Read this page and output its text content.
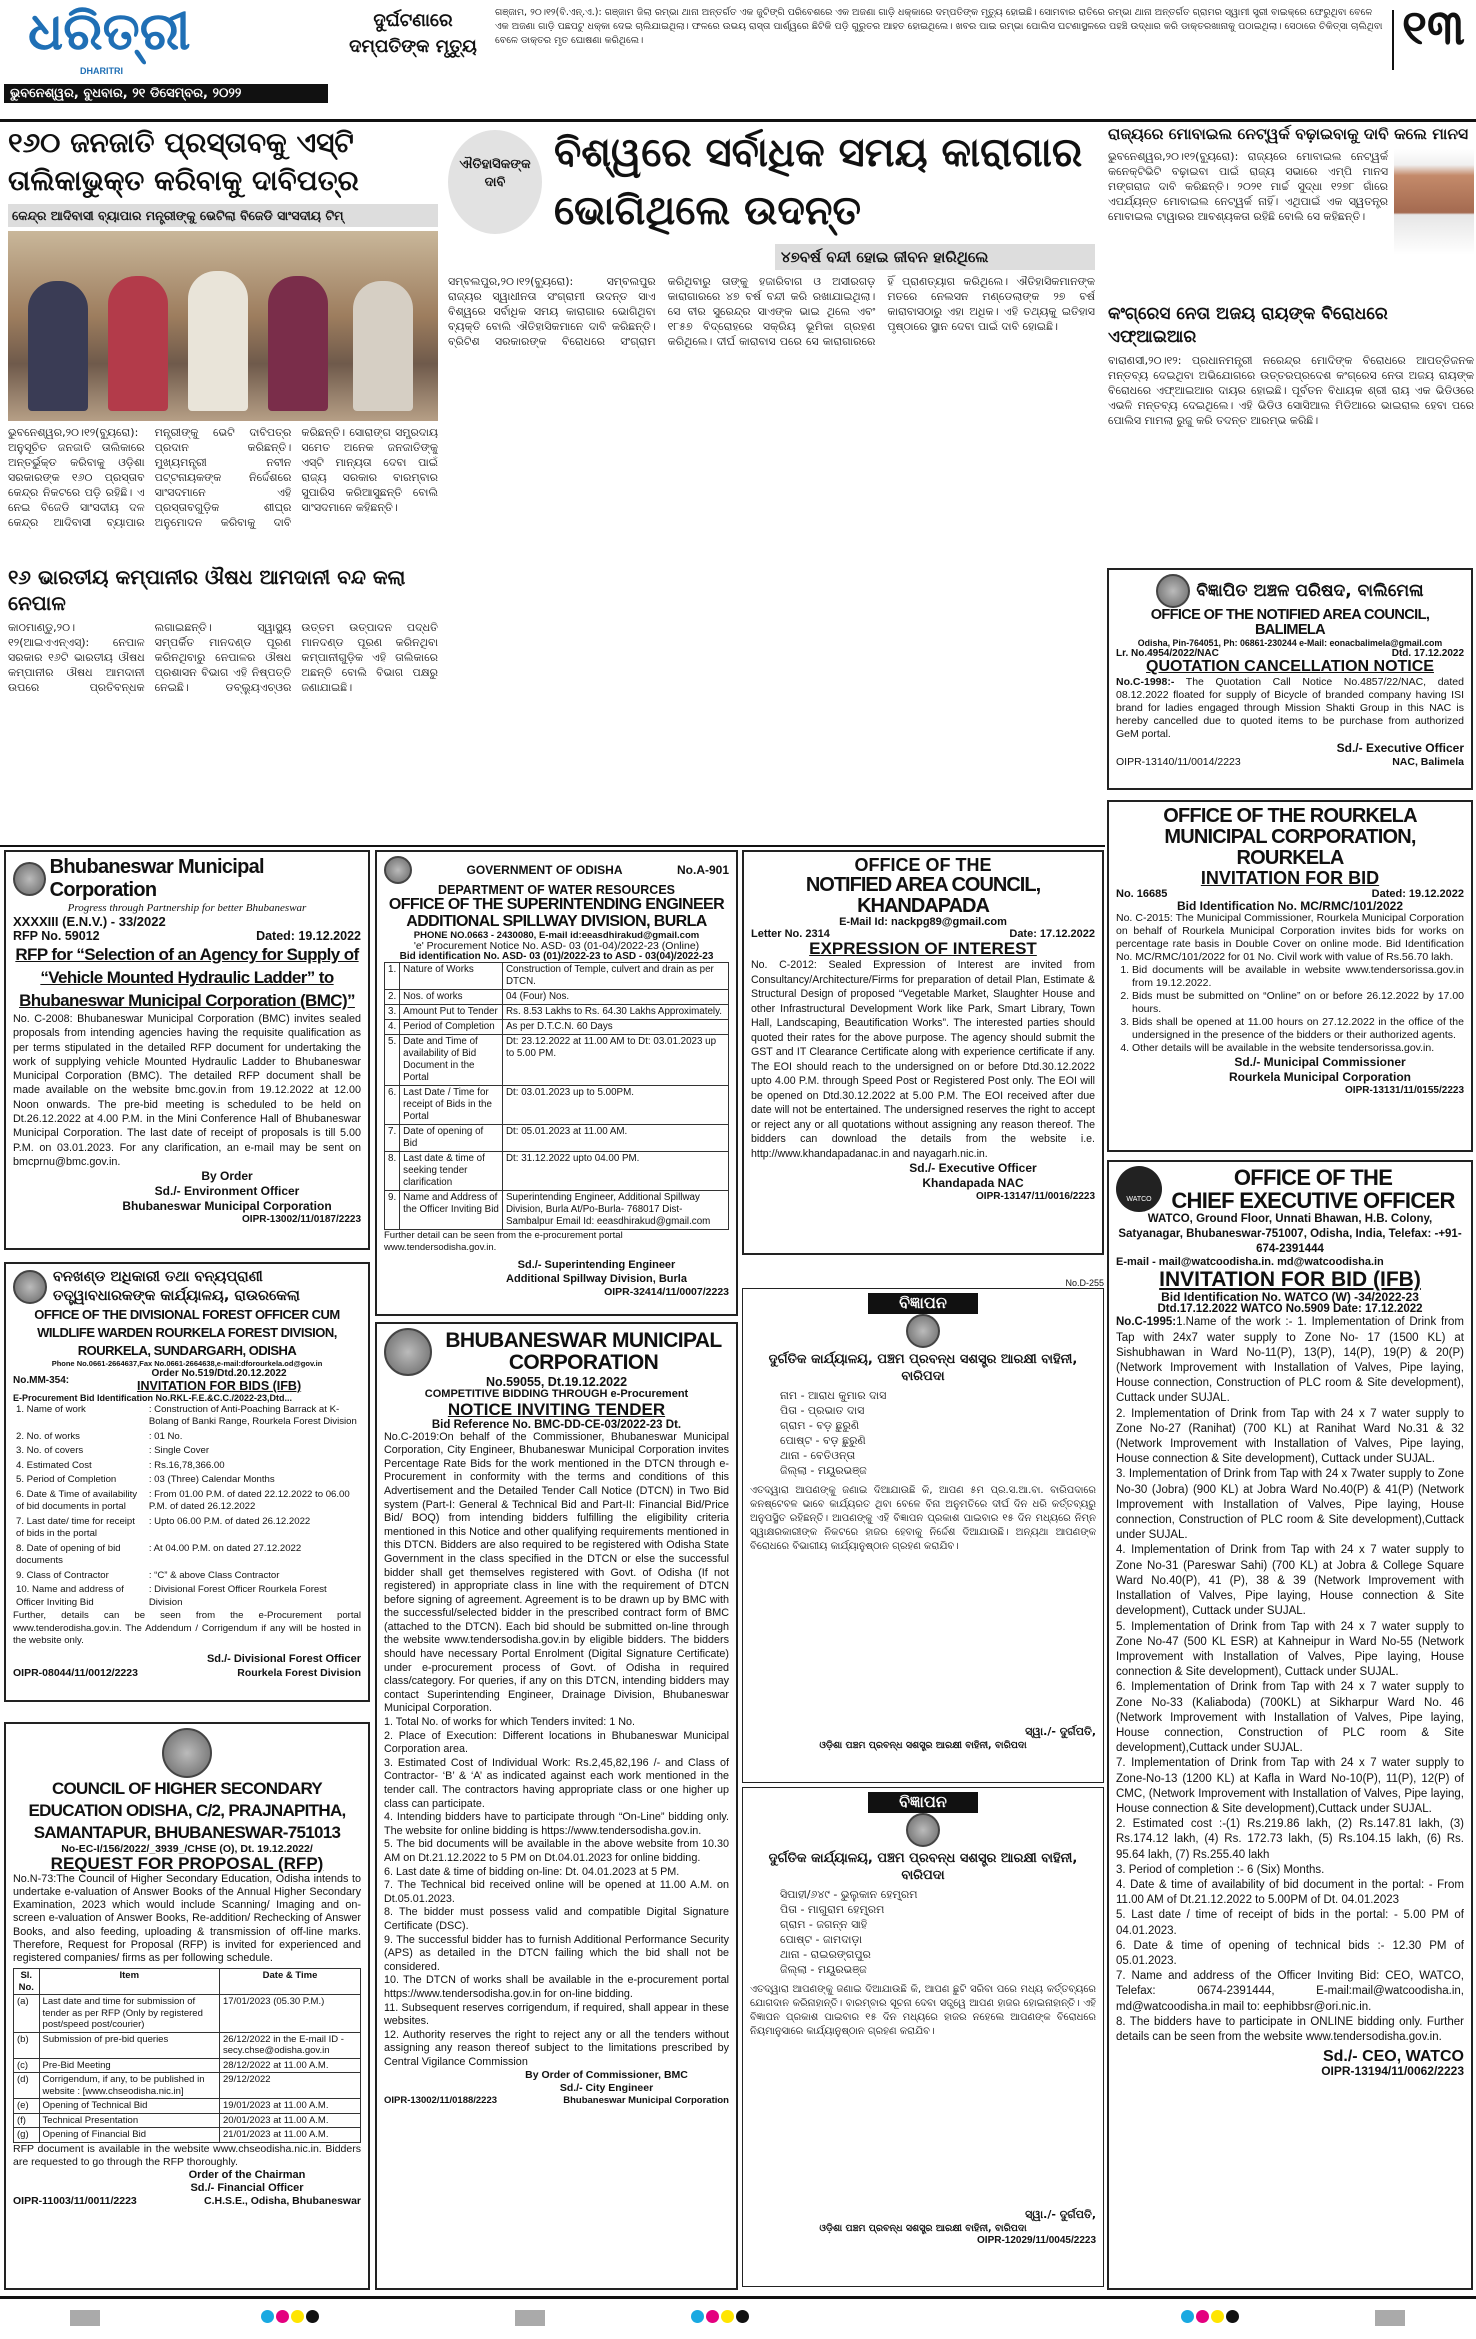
ଧରିତ୍ରୀ
DHARITRI
ଭୁବନେଶ୍ୱର, ବୁଧବାର, ୨୧ ଡିସେମ୍ବର, ୨୦୨୨
ଦୁର୍ଘଟଣାରେ
ଦମ୍ପତିଙ୍କ ମୃତ୍ୟୁ
ଗଞ୍ଜାମ, ୨୦।୧୨(ବି.ଏନ୍.ଏ.): ଗଞ୍ଜାମ ଜିଲା ରମ୍ଭା ଥାନା ଅନ୍ତର୍ଗତ ଏକ ଜୁଟିଙ୍ଗି ପରିବେଶରେ ଏକ ଅଜଣା ଗାଡ଼ି ଧକ୍କାରେ ଦମ୍ପତିଙ୍କ ମୃତ୍ୟୁ ହୋଇଛି। ସୋମବାର ରାତିରେ ରମ୍ଭା ଥାନା ଅନ୍ତର୍ଗତ ଗ୍ରାମର ସ୍ୱାମୀ ସ୍ତ୍ରୀ ବାଇକ୍‌ରେ ଫେରୁଥିବା ବେଳେ ଏକ ଅଜଣା ଗାଡ଼ି ପଛପଟୁ ଧକ୍କା ଦେଇ ଚାଲିଯାଇଥିଲା। ଫଳରେ ଉଭୟ ରାସ୍ତା ପାର୍ଶ୍ୱରେ ଛିଟିକି ପଡ଼ି ଗୁରୁତର ଆହତ ହୋଇଥିଲେ। ଖବର ପାଇ ରମ୍ଭା ପୋଲିସ ଘଟଣାସ୍ଥଳରେ ପହଞ୍ଚି ଉଦ୍ଧାର କରି ଡାକ୍ତରଖାନାକୁ ପଠାଇଥିଲା। ସେଠାରେ ଚିକିତ୍ସା ଚାଲିଥିବା ବେଳେ ଡାକ୍ତର ମୃତ ଘୋଷଣା କରିଥିଲେ।	୧୩
୧୬୦ ଜନଜାତି ପ୍ରସ୍ତାବକୁ ଏସ୍‌ଟି ତାଲିକାଭୁକ୍ତ କରିବାକୁ ଦାବିପତ୍ର
କେନ୍ଦ୍ର ଆଦିବାସୀ ବ୍ୟାପାର ମନ୍ତ୍ରୀଙ୍କୁ ଭେଟିଲା ବିଜେଡି ସାଂସଦୀୟ ଟିମ୍
ଭୁବନେଶ୍ୱର,୨୦।୧୨(ବ୍ୟୁରୋ): ଅନୁସୂଚିତ ଜନଜାତି ତାଲିକାରେ ଅନ୍ତର୍ଭୁକ୍ତ କରିବାକୁ ଓଡ଼ିଶା ସରକାରଙ୍କ ୧୬୦ ପ୍ରସ୍ତାବ କେନ୍ଦ୍ର ନିକଟରେ ପଡ଼ି ରହିଛି। ଏ ନେଇ ବିଜେଡି ସାଂସଦୀୟ ଦଳ କେନ୍ଦ୍ର ଆଦିବାସୀ ବ୍ୟାପାର ମନ୍ତ୍ରୀଙ୍କୁ ଭେଟି ଦାବିପତ୍ର ପ୍ରଦାନ କରିଛନ୍ତି। ମୁଖ୍ୟମନ୍ତ୍ରୀ ନବୀନ ପଟ୍ଟନାୟକଙ୍କ ନିର୍ଦ୍ଦେଶରେ ସାଂସଦମାନେ ଏହି ପ୍ରସ୍ତାବଗୁଡ଼ିକ ଶୀଘ୍ର ଅନୁମୋଦନ କରିବାକୁ ଦାବି କରିଛନ୍ତି। ସୋରାଙ୍ଗ ସମ୍ପ୍ରଦାୟ ସମେତ ଅନେକ ଜନଜାତିଙ୍କୁ ଏସ୍‌ଟି ମାନ୍ୟତା ଦେବା ପାଇଁ ରାଜ୍ୟ ସରକାର ବାରମ୍ବାର ସୁପାରିସ କରିଆସୁଛନ୍ତି ବୋଲି ସାଂସଦମାନେ କହିଛନ୍ତି।
୧୬ ଭାରତୀୟ କମ୍ପାନୀର ଔଷଧ ଆମଦାନୀ ବନ୍ଦ କଲା ନେପାଳ
କାଠମାଣ୍ଡୁ,୨୦।୧୨(ଆଇଏଏନ୍‌ଏସ୍): ନେପାଳ ସରକାର ୧୬ଟି ଭାରତୀୟ ଔଷଧ କମ୍ପାନୀର ଔଷଧ ଆମଦାନୀ ଉପରେ ପ୍ରତିବନ୍ଧକ ଲଗାଇଛନ୍ତି। ସ୍ୱାସ୍ଥ୍ୟ ସମ୍ପର୍କିତ ମାନଦଣ୍ଡ ପୂରଣ କରିନଥିବାରୁ ନେପାଳର ଔଷଧ ପ୍ରଶାସନ ବିଭାଗ ଏହି ନିଷ୍ପତ୍ତି ନେଇଛି। ଡବ୍ଲ୍ୟୁଏଚ୍‌ଓର ଉତ୍ତମ ଉତ୍ପାଦନ ପଦ୍ଧତି ମାନଦଣ୍ଡ ପୂରଣ କରିନଥିବା କମ୍ପାନୀଗୁଡ଼ିକ ଏହି ତାଲିକାରେ ଅଛନ୍ତି ବୋଲି ବିଭାଗ ପକ୍ଷରୁ ଜଣାଯାଇଛି।
ଐତିହାସିକଙ୍କ ଦାବି
ବିଶ୍ୱରେ ସର୍ବାଧିକ ସମୟ କାରାଗାର ଭୋଗିଥିଲେ ଉଦନ୍ତ
୪୭ବର୍ଷ ବନ୍ଦୀ ହୋଇ ଜୀବନ ହାରିଥିଲେ
ସମ୍ବଲପୁର,୨୦।୧୨(ବ୍ୟୁରୋ): ସମ୍ବଲପୁର ରାଜ୍ୟର ସ୍ୱାଧୀନତା ସଂଗ୍ରାମୀ ଉଦନ୍ତ ସାଏ ବିଶ୍ୱରେ ସର୍ବାଧିକ ସମୟ କାରାଗାର ଭୋଗିଥିବା ବ୍ୟକ୍ତି ବୋଲି ଐତିହାସିକମାନେ ଦାବି କରିଛନ୍ତି। ବ୍ରିଟିଶ ସରକାରଙ୍କ ବିରୋଧରେ ସଂଗ୍ରାମ କରିଥିବାରୁ ତାଙ୍କୁ ହଜାରିବାଗ ଓ ଅସୀରଗଡ଼ କାରାଗାରରେ ୪୭ ବର୍ଷ ବନ୍ଦୀ କରି ରଖାଯାଇଥିଲା। ସେ ବୀର ସୁରେନ୍ଦ୍ର ସାଏଙ୍କ ଭାଇ ଥିଲେ ଏବଂ ୧୮୫୭ ବିଦ୍ରୋହରେ ସକ୍ରିୟ ଭୂମିକା ଗ୍ରହଣ କରିଥିଲେ। ଦୀର୍ଘ କାରାବାସ ପରେ ସେ କାରାଗାରରେ ହିଁ ପ୍ରାଣତ୍ୟାଗ କରିଥିଲେ। ଐତିହାସିକମାନଙ୍କ ମତରେ ନେଲସନ ମଣ୍ଡେଲାଙ୍କ ୨୭ ବର୍ଷ କାରାବାସଠାରୁ ଏହା ଅଧିକ। ଏହି ତଥ୍ୟକୁ ଇତିହାସ ପୃଷ୍ଠାରେ ସ୍ଥାନ ଦେବା ପାଇଁ ଦାବି ହୋଇଛି।
ରାଜ୍ୟରେ ମୋବାଇଲ ନେଟ୍‌ୱର୍କ ବଢ଼ାଇବାକୁ ଦାବି କଲେ ମାନସ
ଭୁବନେଶ୍ୱର,୨୦।୧୨(ବ୍ୟୁରୋ): ରାଜ୍ୟରେ ମୋବାଇଲ ନେଟ୍‌ୱର୍କ କନେକ୍ଟିଭିଟି ବଢ଼ାଇବା ପାଇଁ ରାଜ୍ୟ ସଭାରେ ଏମ୍‌ପି ମାନସ ମଙ୍ଗରାଜ ଦାବି କରିଛନ୍ତି। ୨୦୨୧ ମାର୍ଚ୍ଚ ସୁଦ୍ଧା ୧୨୭୮ ଗାଁରେ ଏପର୍ଯ୍ୟନ୍ତ ମୋବାଇଲ ନେଟ୍‌ୱର୍କ ନାହିଁ। ଏଥିପାଇଁ ଏକ ସ୍ୱତନ୍ତ୍ର ମୋବାଇଲ ଟାୱାରର ଆବଶ୍ୟକତା ରହିଛି ବୋଲି ସେ କହିଛନ୍ତି।
କଂଗ୍ରେସ ନେତା ଅଜୟ ରାୟଙ୍କ ବିରୋଧରେ ଏଫ୍‌ଆଇଆର
ବାରାଣସୀ,୨୦।୧୨: ପ୍ରଧାନମନ୍ତ୍ରୀ ନରେନ୍ଦ୍ର ମୋଦିଙ୍କ ବିରୋଧରେ ଆପତ୍ତିଜନକ ମନ୍ତବ୍ୟ ଦେଇଥିବା ଅଭିଯୋଗରେ ଉତ୍ତରପ୍ରଦେଶ କଂଗ୍ରେସ ନେତା ଅଜୟ ରାୟଙ୍କ ବିରୋଧରେ ଏଫ୍‌ଆଇଆର ଦାୟର ହୋଇଛି। ପୂର୍ବତନ ବିଧାୟକ ଶ୍ରୀ ରାୟ ଏକ ଭିଡିଓରେ ଏଭଳି ମନ୍ତବ୍ୟ ଦେଇଥିଲେ। ଏହି ଭିଡିଓ ସୋସିଆଲ ମିଡିଆରେ ଭାଇରାଲ ହେବା ପରେ ପୋଲିସ ମାମଲା ରୁଜୁ କରି ତଦନ୍ତ ଆରମ୍ଭ କରିଛି।
ବିଜ୍ଞାପିତ ଅଞ୍ଚଳ ପରିଷଦ, ବାଲିମେଳା
OFFICE OF THE NOTIFIED AREA COUNCIL, BALIMELA
Odisha, Pin-764051, Ph: 06861-230244 e-Mail: eonacbalimela@gmail.com
Lr. No.4954/2022/NAC	Dtd. 17.12.2022
QUOTATION CANCELLATION NOTICE
No.C-1998:- The Quotation Call Notice No.4857/22/NAC, dated 08.12.2022 floated for supply of Bicycle of branded company having ISI brand for ladies engaged through Mission Shakti Group in this NAC is hereby cancelled due to quoted items to be purchase from authorized GeM portal.
Sd./- Executive Officer
OIPR-13140/11/0014/2223	NAC, Balimela
OFFICE OF THE ROURKELA MUNICIPAL CORPORATION, ROURKELA
INVITATION FOR BID
No. 16685	Dated: 19.12.2022
Bid Identification No. MC/RMC/101/2022
No. C-2015: The Municipal Commissioner, Rourkela Municipal Corporation on behalf of Rourkela Municipal Corporation invites bids for works on percentage rate basis in Double Cover on online mode. Bid Identification No. MC/RMC/101/2022 for 01 No. Civil work with value of Rs.56.70 lakh.
1. Bid documents will be available in website www.tendersorissa.gov.in from 19.12.2022.
2. Bids must be submitted on “Online” on or before 26.12.2022 by 17.00 hours.
3. Bids shall be opened at 11.00 hours on 27.12.2022 in the office of the undersigned in the presence of the bidders or their authorized agents.
4. Other details will be available in the website tendersorissa.gov.in.
Sd./- Municipal Commissioner
Rourkela Municipal Corporation
OIPR-13131/11/0155/2223
WATCO
OFFICE OF THE
CHIEF EXECUTIVE OFFICER
WATCO, Ground Floor, Unnati Bhawan, H.B. Colony, Satyanagar, Bhubaneswar-751007, Odisha, India, Telefax: -+91-674-2391444
E-mail - mail@watcoodisha.in. md@watcoodisha.in
INVITATION FOR BID (IFB)
Bid Identification No. WATCO (W) -34/2022-23
Dtd.17.12.2022 WATCO No.5909 Date: 17.12.2022
No.C-1995:1.Name of the work :- 1. Implementation of Drink from Tap with 24x7 water supply to Zone No- 17 (1500 KL) at Sishubhawan in Ward No-11(P), 13(P), 14(P), 19(P) & 20(P) (Network Improvement with Installation of Valves, Pipe laying, House connection, Construction of PLC room & Site development), Cuttack under SUJAL.
2. Implementation of Drink from Tap with 24 x 7 water supply to Zone No-27 (Ranihat) (700 KL) at Ranihat Ward No.31 & 32 (Network Improvement with Installation of Valves, Pipe laying, House connection & Site development), Cuttack under SUJAL.
3. Implementation of Drink from Tap with 24 x 7water supply to Zone No-30 (Jobra) (900 KL) at Jobra Ward No.40(P) & 41(P) (Network Improvement with Installation of Valves, Pipe laying, House connection, Construction of PLC room & Site development),Cuttack under SUJAL.
4. Implementation of Drink from Tap with 24 x 7 water supply to Zone No-31 (Pareswar Sahi) (700 KL) at Jobra & College Square Ward No.40(P), 41 (P), 38 & 39 (Network Improvement with Installation of Valves, Pipe laying, House connection & Site development), Cuttack under SUJAL.
5. Implementation of Drink from Tap with 24 x 7 water supply to Zone No-47 (500 KL ESR) at Kahneipur in Ward No-55 (Network Improvement with Installation of Valves, Pipe laying, House connection & Site development), Cuttack under SUJAL.
6. Implementation of Drink from Tap with 24 x 7 water supply to Zone No-33 (Kaliaboda) (700KL) at Sikharpur Ward No. 46 (Network Improvement with Installation of Valves, Pipe laying, House connection, Construction of PLC room & Site development),Cuttack under SUJAL.
7. Implementation of Drink from Tap with 24 x 7 water supply to Zone-No-13 (1200 KL) at Kafla in Ward No-10(P), 11(P), 12(P) of CMC, (Network Improvement with Installation of Valves, Pipe laying, House connection & Site development),Cuttack under SUJAL.
2. Estimated cost :-(1) Rs.219.86 lakh, (2) Rs.147.81 lakh, (3) Rs.174.12 lakh, (4) Rs. 172.73 lakh, (5) Rs.104.15 lakh, (6) Rs. 95.64 lakh, (7) Rs.255.40 lakh
3. Period of completion :- 6 (Six) Months.
4. Date & time of availability of bid document in the portal: - From 11.00 AM of Dt.21.12.2022 to 5.00PM of Dt. 04.01.2023
5. Last date / time of receipt of bids in the portal: - 5.00 PM of 04.01.2023.
6. Date & time of opening of technical bids :- 12.30 PM of 05.01.2023.
7. Name and address of the Officer Inviting Bid: CEO, WATCO, Telefax: 0674-2391444, E-mail:mail@watcoodisha.in, md@watcoodisha.in mail to: eephibbsr@ori.nic.in.
8. The bidders have to participate in ONLINE bidding only. Further details can be seen from the website www.tendersodisha.gov.in.
Sd./- CEO, WATCO
OIPR-13194/11/0062/2223
Bhubaneswar Municipal Corporation
Progress through Partnership for better Bhubaneswar
XXXXIII (E.N.V.) - 33/2022
RFP No. 59012	Dated: 19.12.2022
RFP for “Selection of an Agency for Supply of “Vehicle Mounted Hydraulic Ladder” to Bhubaneswar Municipal Corporation (BMC)”
No. C-2008: Bhubaneswar Municipal Corporation (BMC) invites sealed proposals from intending agencies having the requisite qualification as per terms stipulated in the detailed RFP document for undertaking the work of supplying vehicle Mounted Hydraulic Ladder to Bhubaneswar Municipal Corporation (BMC). The detailed RFP document shall be made available on the website bmc.gov.in from 19.12.2022 at 12.00 Noon onwards. The pre-bid meeting is scheduled to be held on Dt.26.12.2022 at 4.00 P.M. in the Mini Conference Hall of Bhubaneswar Municipal Corporation. The last date of receipt of proposals is till 5.00 P.M. on 03.01.2023. For any clarification, an e-mail may be sent on bmcprnu@bmc.gov.in.
By Order
Sd./- Environment Officer
Bhubaneswar Municipal Corporation
OIPR-13002/11/0187/2223
GOVERNMENT OF ODISHA	No.A-901
DEPARTMENT OF WATER RESOURCES
OFFICE OF THE SUPERINTENDING ENGINEER ADDITIONAL SPILLWAY DIVISION, BURLA
PHONE NO.0663 - 2430080, E-mail id:eeasdhirakud@gmail.com
'e' Procurement Notice No. ASD- 03 (01-04)/2022-23 (Online)
Bid identification No. ASD- 03 (01)/2022-23 to ASD - 03(04)/2022-23
1.	Nature of Works	Construction of Temple, culvert and drain as per DTCN.
2.	Nos. of works	04 (Four) Nos.
3.	Amount Put to Tender	Rs. 8.53 Lakhs to Rs. 64.30 Lakhs Approximately.
4.	Period of Completion	As per D.T.C.N. 60 Days
5.	Date and Time of availability of Bid Document in the Portal	Dt: 23.12.2022 at 11.00 AM to Dt: 03.01.2023 up to 5.00 PM.
6.	Last Date / Time for receipt of Bids in the Portal	Dt: 03.01.2023 up to 5.00PM.
7.	Date of opening of Bid	Dt: 05.01.2023 at 11.00 AM.
8.	Last date & time of seeking tender clarification	Dt: 31.12.2022 upto 04.00 PM.
9.	Name and Address of the Officer Inviting Bid	Superintending Engineer, Additional Spillway Division, Burla At/Po-Burla- 768017 Dist-Sambalpur Email Id: eeasdhirakud@gmail.com
Further detail can be seen from the e-procurement portal www.tendersodisha.gov.in.
Sd./- Superintending Engineer
Additional Spillway Division, Burla
OIPR-32414/11/0007/2223
OFFICE OF THE
NOTIFIED AREA COUNCIL, KHANDAPADA
E-Mail Id: nackpg89@gmail.com
Letter No. 2314	Date: 17.12.2022
EXPRESSION OF INTEREST
No. C-2012: Sealed Expression of Interest are invited from Consultancy/Architecture/Firms for preparation of detail Plan, Estimate & Structural Design of proposed “Vegetable Market, Slaughter House and other Infrastructural Development Work like Park, Smart Library, Town Hall, Landscaping, Beautification Works”. The interested parties should quoted their rates for the above purpose. The agency should submit the GST and IT Clearance Certificate along with experience certificate if any. The EOI should reach to the undersigned on or before Dtd.30.12.2022 upto 4.00 P.M. through Speed Post or Registered Post only. The EOI will be opened on Dtd.30.12.2022 at 5.00 P.M. The EOI received after due date will not be entertained. The undersigned reserves the right to accept or reject any or all quotations without assigning any reason thereof. The bidders can download the details from the website i.e. http://www.khandapadanac.in and nayagarh.nic.in.
Sd./- Executive Officer
Khandapada NAC
OIPR-13147/11/0016/2223
ବନଖଣ୍ଡ ଅଧିକାରୀ ତଥା ବନ୍ୟପ୍ରାଣୀ ତତ୍ତ୍ୱାବଧାରକଙ୍କ କାର୍ଯ୍ୟାଳୟ, ରାଉରକେଲା
OFFICE OF THE DIVISIONAL FOREST OFFICER CUM WILDLIFE WARDEN ROURKELA FOREST DIVISION, ROURKELA, SUNDARGARH, ODISHA
Phone No.0661-2664637,Fax No.0661-2664638,e-mail:dforourkela.od@gov.in
No.MM-354:
Order No.519/Dtd.20.12.2022
INVITATION FOR BIDS (IFB)
E-Procurement Bid Identification No.RKL-F.E.&C.C./2022-23,Dtd...
1. Name of work	: Construction of Anti-Poaching Barrack at K-Bolang of Banki Range, Rourkela Forest Division
2. No. of works	: 01 No.
3. No. of covers	: Single Cover
4. Estimated Cost	: Rs.16,78,366.00
5. Period of Completion	: 03 (Three) Calendar Months
6. Date & Time of availability of bid documents in portal	: From 01.00 P.M. of dated 22.12.2022 to 06.00 P.M. of dated 26.12.2022
7. Last date/ time for receipt of bids in the portal	: Upto 06.00 P.M. of dated 26.12.2022
8. Date of opening of bid documents	: At 04.00 P.M. on dated 27.12.2022
9. Class of Contractor	: “C” & above Class Contractor
10. Name and address of Officer Inviting Bid	: Divisional Forest Officer Rourkela Forest Division
Further, details can be seen from the e-Procurement portal www.tenderodisha.gov.in. The Addendum / Corrigendum if any will be hosted in the website only.
Sd./- Divisional Forest Officer
OIPR-08044/11/0012/2223	Rourkela Forest Division
COUNCIL OF HIGHER SECONDARY EDUCATION ODISHA, C/2, PRAJNAPITHA, SAMANTAPUR, BHUBANESWAR-751013
No-EC-I/156/2022/_3939_/CHSE (O), Dt. 19.12.2022/
REQUEST FOR PROPOSAL (RFP)
No.N-73:The Council of Higher Secondary Education, Odisha intends to undertake e-valuation of Answer Books of the Annual Higher Secondary Examination, 2023 which would include Scanning/ Imaging and on-screen e-valuation of Answer Books, Re-addition/ Rechecking of Answer Books, and also feeding, uploading & transmission of off-line marks. Therefore, Request for Proposal (RFP) is invited for experienced and registered companies/ firms as per following schedule.
Sl. No.	Item	Date & Time
(a)	Last date and time for submission of tender as per RFP (Only by registered post/speed post/courier)	17/01/2023 (05.30 P.M.)
(b)	Submission of pre-bid queries	26/12/2022 in the E-mail ID -secy.chse@odisha.gov.in
(c)	Pre-Bid Meeting	28/12/2022 at 11.00 A.M.
(d)	Corrigendum, if any, to be published in website : [www.chseodisha.nic.in]	29/12/2022
(e)	Opening of Technical Bid	19/01/2023 at 11.00 A.M.
(f)	Technical Presentation	20/01/2023 at 11.00 A.M.
(g)	Opening of Financial Bid	21/01/2023 at 11.00 A.M.
RFP document is available in the website www.chseodisha.nic.in. Bidders are requested to go through the RFP thoroughly.
Order of the Chairman
Sd./- Financial Officer
OIPR-11003/11/0011/2223	C.H.S.E., Odisha, Bhubaneswar
BHUBANESWAR MUNICIPAL CORPORATION
No.59055, Dt.19.12.2022
COMPETITIVE BIDDING THROUGH e-Procurement
NOTICE INVITING TENDER
Bid Reference No. BMC-DD-CE-03/2022-23 Dt.
No.C-2019:On behalf of the Commissioner, Bhubaneswar Municipal Corporation, City Engineer, Bhubaneswar Municipal Corporation invites Percentage Rate Bids for the work mentioned in the DTCN through e-Procurement in conformity with the terms and conditions of this Advertisement and the Detailed Tender Call Notice (DTCN) in Two Bid system (Part-I: General & Technical Bid and Part-II: Financial Bid/Price Bid/ BOQ) from intending bidders fulfilling the eligibility criteria mentioned in this Notice and other qualifying requirements mentioned in this DTCN. Bidders are also required to be registered with Odisha State Government in the class specified in the DTCN or else the successful bidder shall get themselves registered with Govt. of Odisha (If not registered) in appropriate class in line with the requirement of DTCN before signing of agreement. Agreement is to be drawn up by BMC with the successful/selected bidder in the prescribed contract form of BMC (attached to the DTCN). Each bid should be submitted on-line through the website www.tendersodisha.gov.in by eligible bidders. The bidders should have necessary Portal Enrolment (Digital Signature Certificate) under e-procurement process of Govt. of Odisha in required class/category. For queries, if any on this DTCN, intending bidders may contact Superintending Engineer, Drainage Division, Bhubaneswar Municipal Corporation.
1. Total No. of works for which Tenders invited: 1 No.
2. Place of Execution: Different locations in Bhubaneswar Municipal Corporation area.
3. Estimated Cost of Individual Work: Rs.2,45,82,196 /- and Class of Contractor- ‘B’ & ‘A’ as indicated against each work mentioned in the tender call. The contractors having appropriate class or one higher up class can participate.
4. Intending bidders have to participate through “On-Line” bidding only. The website for online bidding is https://www.tendersodisha.gov.in.
5. The bid documents will be available in the above website from 10.30 AM on Dt.21.12.2022 to 5 PM on Dt.04.01.2023 for online bidding.
6. Last date & time of bidding on-line: Dt. 04.01.2023 at 5 PM.
7. The Technical bid received online will be opened at 11.00 A.M. on Dt.05.01.2023.
8. The bidder must possess valid and compatible Digital Signature Certificate (DSC).
9. The successful bidder has to furnish Additional Performance Security (APS) as detailed in the DTCN failing which the bid shall not be considered.
10. The DTCN of works shall be available in the e-procurement portal https://www.tendersodisha.gov.in for on-line bidding.
11. Subsequent reserves corrigendum, if required, shall appear in these websites.
12. Authority reserves the right to reject any or all the tenders without assigning any reason thereof subject to the limitations prescribed by Central Vigilance Commission
By Order of Commissioner, BMC
Sd./- City Engineer
OIPR-13002/11/0188/2223	Bhubaneswar Municipal Corporation
No.D-255
ବିଜ୍ଞାପନ
ଦୁର୍ଗତିକ କାର୍ଯ୍ୟାଳୟ, ପଞ୍ଚମ ପ୍ରବନ୍ଧ ସଶସ୍ତ୍ର ଆରକ୍ଷୀ ବାହିନୀ, ବାରିପଦା
ନାମ - ଆରାଧ କୁମାର ଦାସ
ପିତା - ପ୍ରଭାତ ଦାସ
ଗ୍ରାମ - ବଡ଼ ଛୁରୁଣି
ପୋଷ୍ଟ - ବଡ଼ ଛୁରୁଣି
ଥାନା - ବେତିଓନ୍ତା
ଜିଲ୍ଲା - ମୟୂରଭଞ୍ଜ
ଏତଦ୍ୱାରା ଆପଣଙ୍କୁ ଜଣାଇ ଦିଆଯାଉଛି କି, ଆପଣ ୫ମ ପ୍ର.ସ.ଆ.ବା. ବାରିପଦାରେ କନଷ୍ଟେବଳ ଭାବେ କାର୍ଯ୍ୟରତ ଥିବା ବେଳେ ବିନା ଅନୁମତିରେ ଦୀର୍ଘ ଦିନ ଧରି କର୍ତ୍ତବ୍ୟରୁ ଅନୁପସ୍ଥିତ ରହିଛନ୍ତି। ଆପଣଙ୍କୁ ଏହି ବିଜ୍ଞାପନ ପ୍ରକାଶ ପାଇବାର ୧୫ ଦିନ ମଧ୍ୟରେ ନିମ୍ନ ସ୍ୱାକ୍ଷରକାରୀଙ୍କ ନିକଟରେ ହାଜର ହେବାକୁ ନିର୍ଦ୍ଦେଶ ଦିଆଯାଉଛି। ଅନ୍ୟଥା ଆପଣଙ୍କ ବିରୋଧରେ ବିଭାଗୀୟ କାର୍ଯ୍ୟାନୁଷ୍ଠାନ ଗ୍ରହଣ କରାଯିବ।
ସ୍ୱା./- ଦୁର୍ଗପତି,
ଓଡ଼ିଶା ପଞ୍ଚମ ପ୍ରବନ୍ଧ ସଶସ୍ତ୍ର ଆରକ୍ଷୀ ବାହିନୀ, ବାରିପଦା
ବିଜ୍ଞାପନ
ଦୁର୍ଗତିକ କାର୍ଯ୍ୟାଳୟ, ପଞ୍ଚମ ପ୍ରବନ୍ଧ ସଶସ୍ତ୍ର ଆରକ୍ଷୀ ବାହିନୀ, ବାରିପଦା
ସିପାହୀ/୬୪୯ - ଭୁଲୁକାନ ହେମ୍ବ୍ରମ
ପିତା - ମାଗୁରାମ ହେମ୍ବ୍ରମ
ଗ୍ରାମ - ଜଗନ୍ନ ସାହି
ପୋଷ୍ଟ - ଜାମଦାଡ଼ା
ଥାନା - ରାଇରଙ୍ଗପୁର
ଜିଲ୍ଲା - ମୟୂରଭଞ୍ଜ
ଏତଦ୍ୱାରା ଆପଣଙ୍କୁ ଜଣାଇ ଦିଆଯାଉଛି କି, ଆପଣ ଛୁଟି ସରିବା ପରେ ମଧ୍ୟ କର୍ତ୍ତବ୍ୟରେ ଯୋଗଦାନ କରିନାହାନ୍ତି। ବାରମ୍ବାର ସୂଚନା ଦେବା ସତ୍ତ୍ୱେ ଆପଣ ହାଜର ହୋଇନାହାନ୍ତି। ଏହି ବିଜ୍ଞାପନ ପ୍ରକାଶ ପାଇବାର ୧୫ ଦିନ ମଧ୍ୟରେ ହାଜର ନହେଲେ ଆପଣଙ୍କ ବିରୋଧରେ ନିୟମାନୁସାରେ କାର୍ଯ୍ୟାନୁଷ୍ଠାନ ଗ୍ରହଣ କରାଯିବ।
ସ୍ୱା./- ଦୁର୍ଗପତି,
ଓଡ଼ିଶା ପଞ୍ଚମ ପ୍ରବନ୍ଧ ସଶସ୍ତ୍ର ଆରକ୍ଷୀ ବାହିନୀ, ବାରିପଦା
OIPR-12029/11/0045/2223
